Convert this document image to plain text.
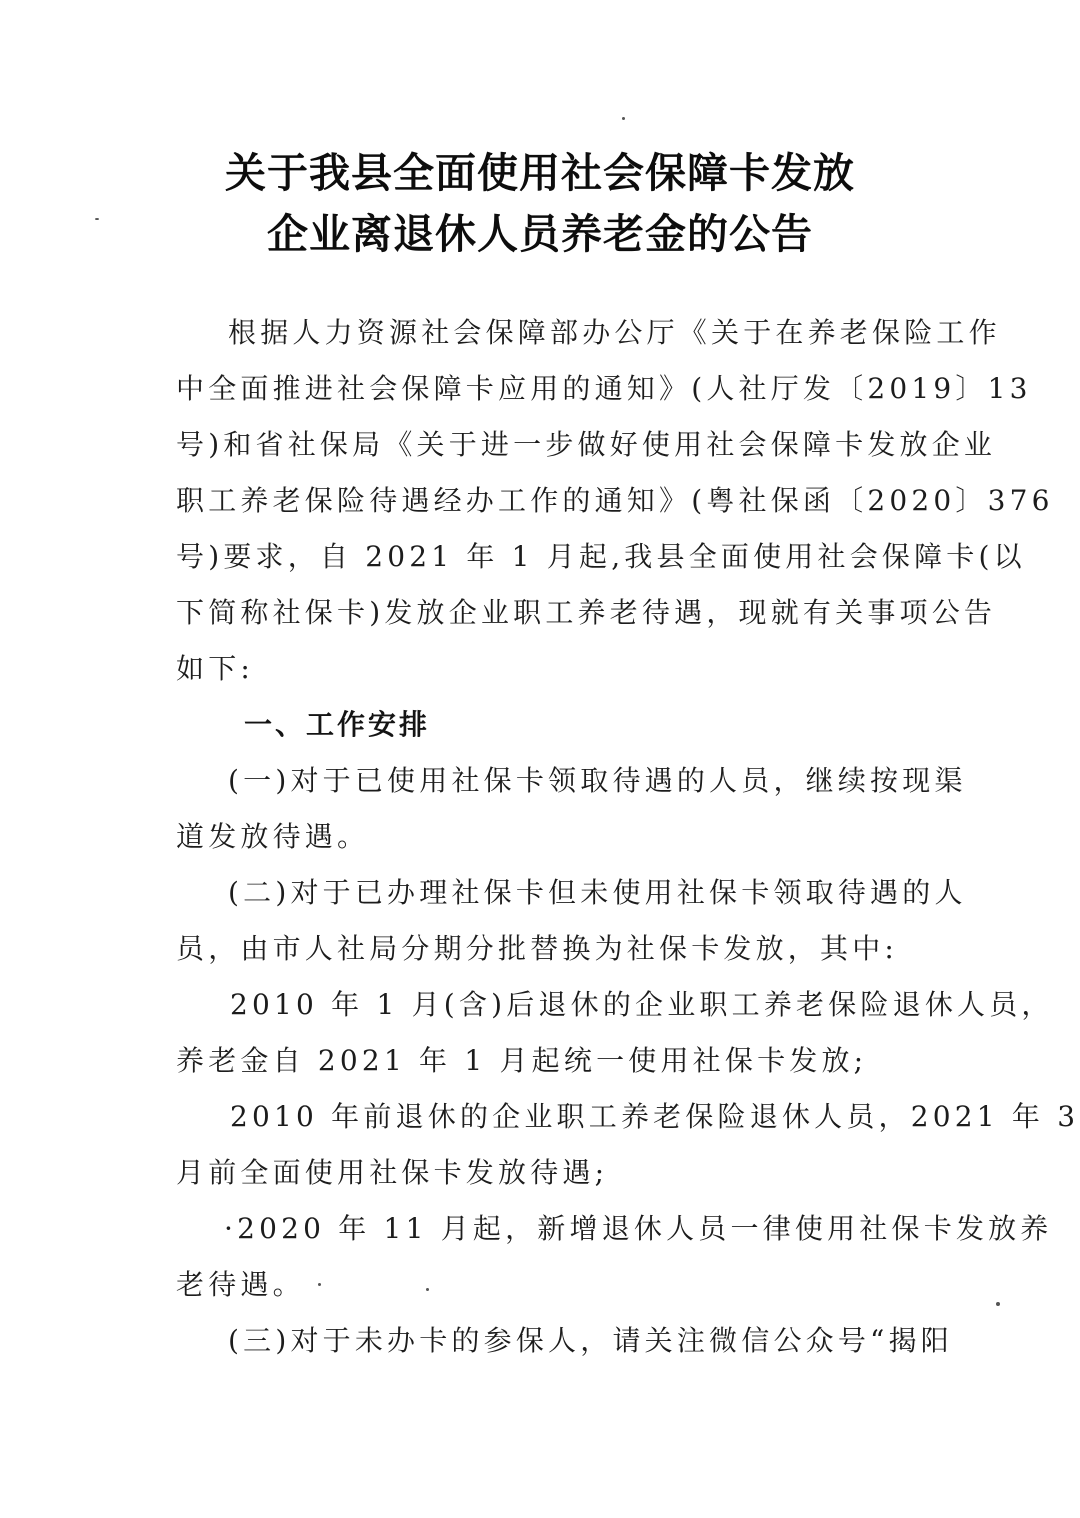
关于我县全面使用社会保障卡发放
企业离退休人员养老金的公告
根据人力资源社会保障部办公厅《关于在养老保险工作
中全面推进社会保障卡应用的通知》(人社厅发〔2019〕13
号)和省社保局《关于进一步做好使用社会保障卡发放企业
职工养老保险待遇经办工作的通知》(粤社保函〔2020〕376
号)要求，自 2021 年 1 月起,我县全面使用社会保障卡(以
下简称社保卡)发放企业职工养老待遇，现就有关事项公告
如下:
一、工作安排
(一)对于已使用社保卡领取待遇的人员，继续按现渠
道发放待遇。
(二)对于已办理社保卡但未使用社保卡领取待遇的人
员，由市人社局分期分批替换为社保卡发放，其中:
2010 年 1 月(含)后退休的企业职工养老保险退休人员，
养老金自 2021 年 1 月起统一使用社保卡发放;
2010 年前退休的企业职工养老保险退休人员，2021 年 3
月前全面使用社保卡发放待遇;
·2020 年 11 月起，新增退休人员一律使用社保卡发放养
老待遇。
(三)对于未办卡的参保人，请关注微信公众号“揭阳
